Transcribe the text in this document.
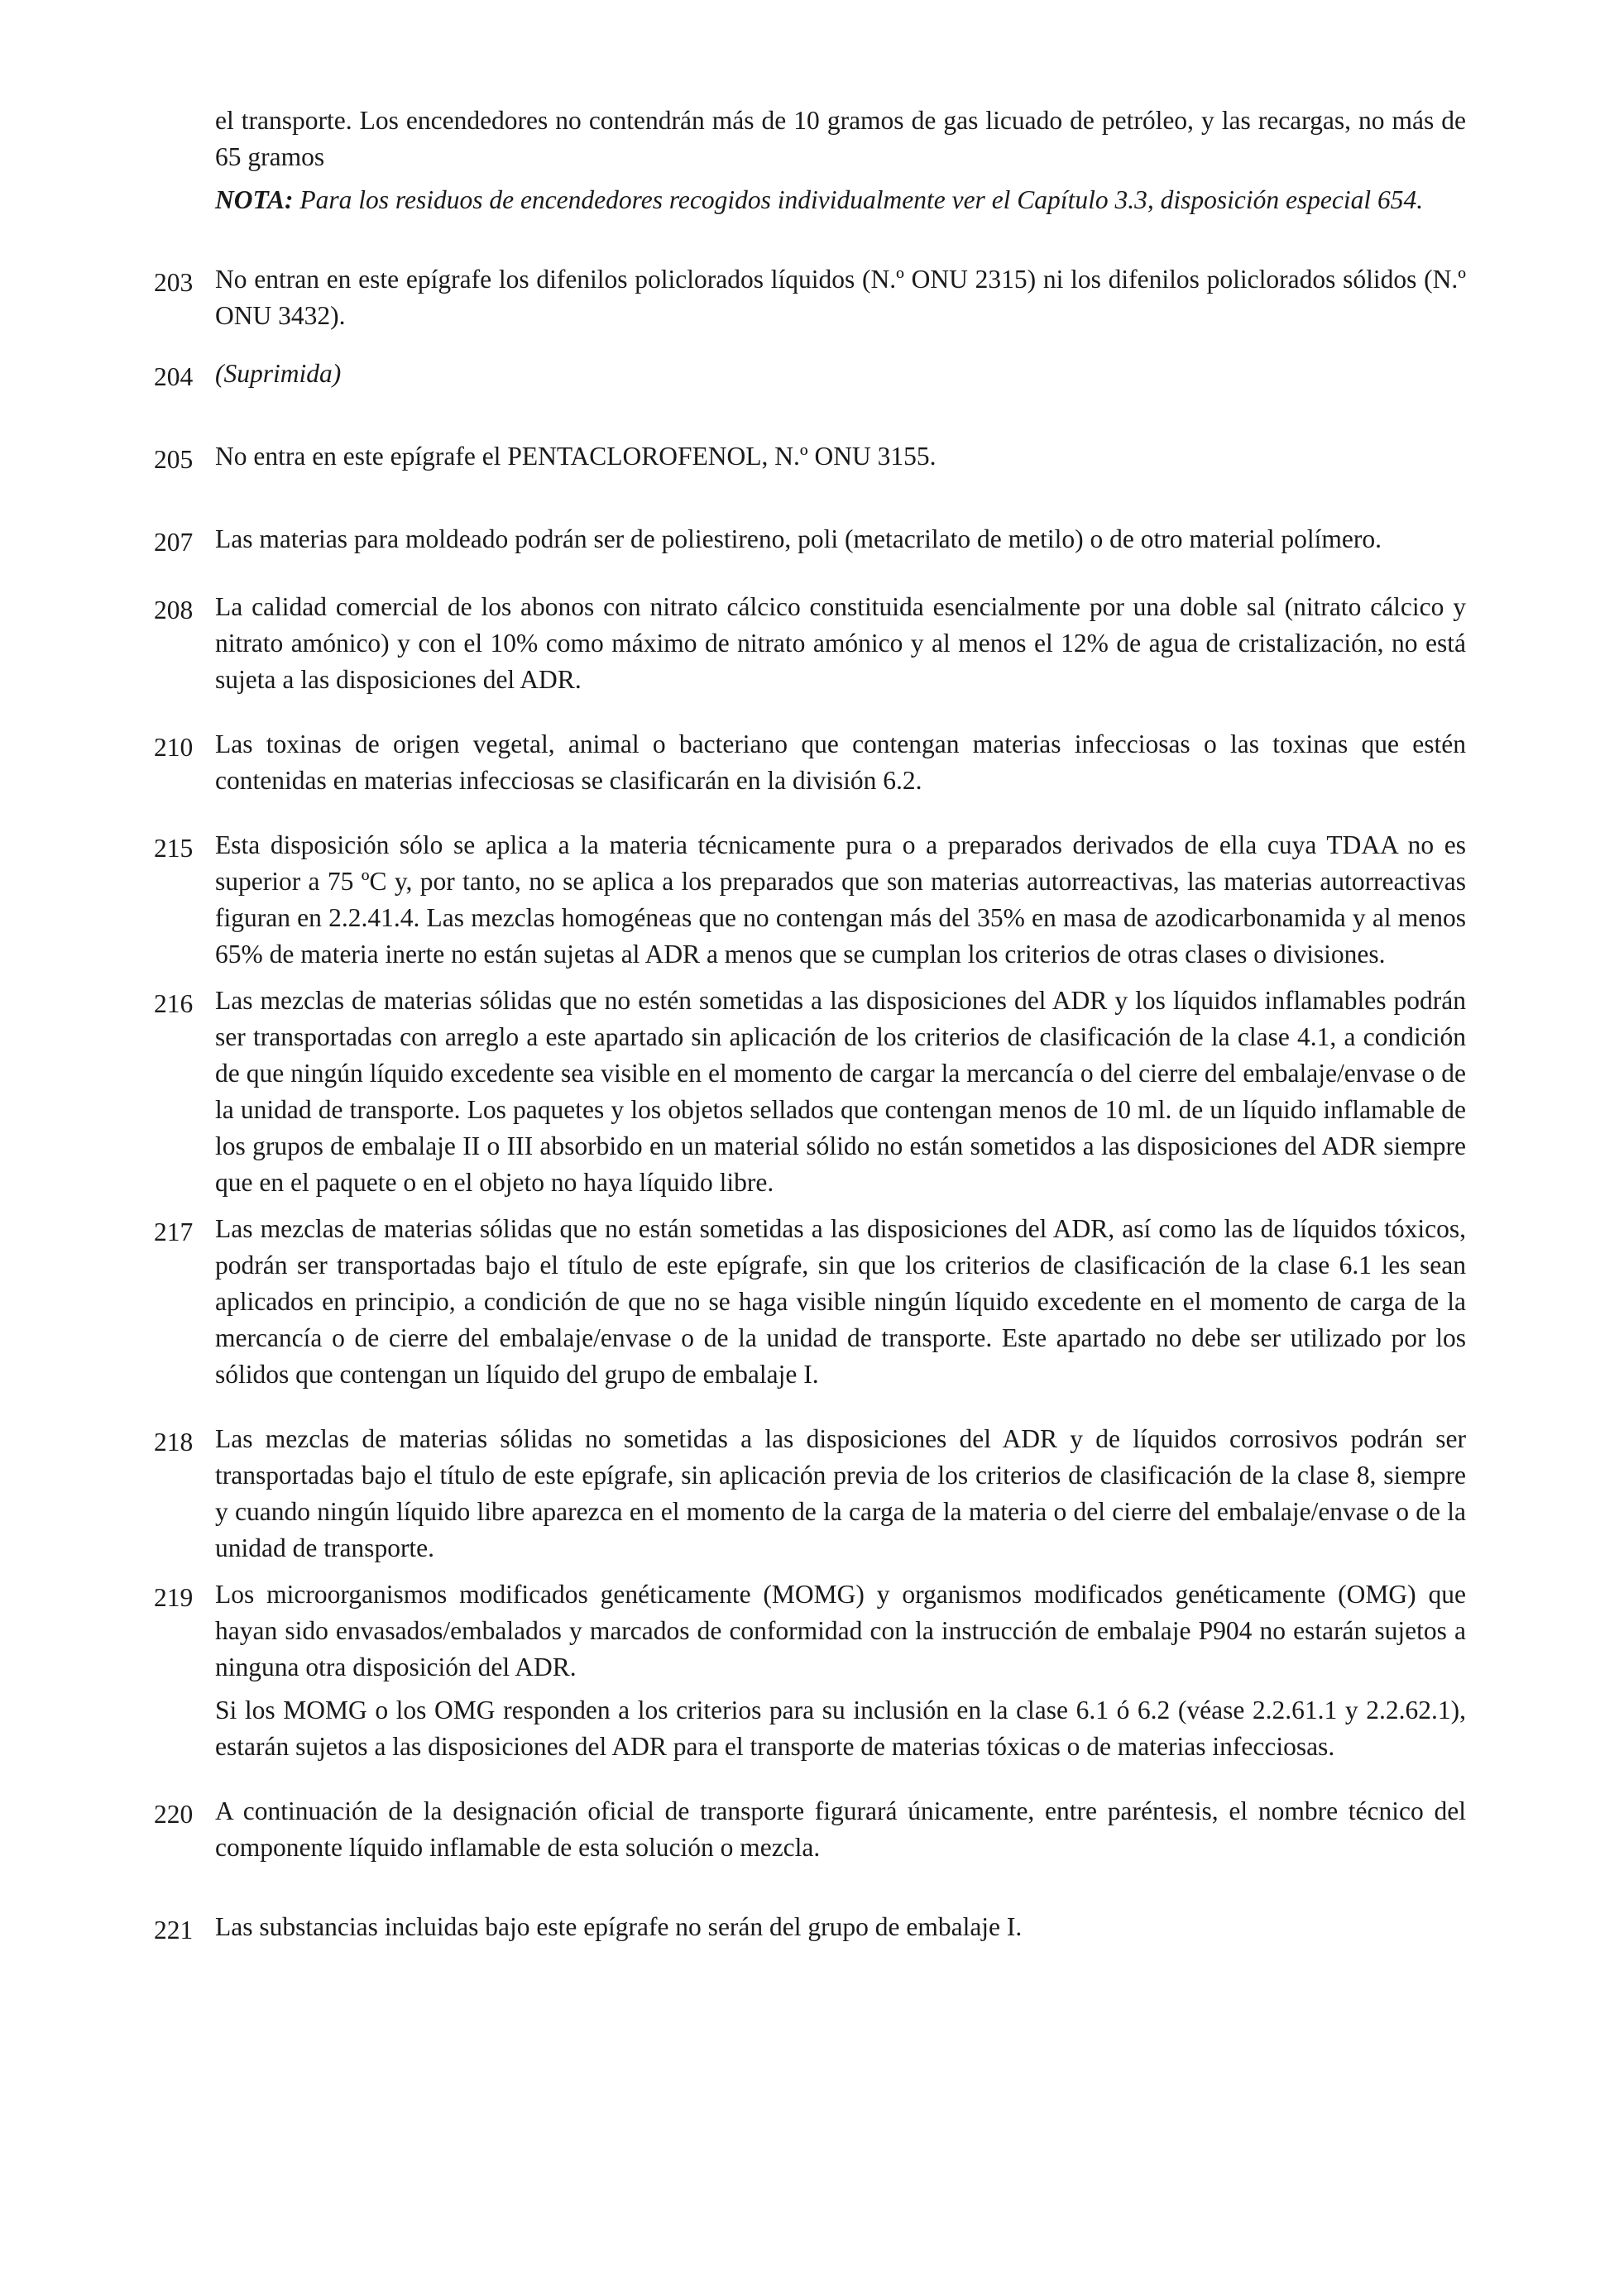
el transporte. Los encendedores no contendrán más de 10 gramos de gas licuado de petróleo, y las recargas, no más de 65 gramos

NOTA: Para los residuos de encendedores recogidos individualmente ver el Capítulo 3.3, disposición especial 654.

203 No entran en este epígrafe los difenilos policlorados líquidos (N.º ONU 2315) ni los difenilos policlorados sólidos (N.º ONU 3432).

204 (Suprimida)

205 No entra en este epígrafe el PENTACLOROFENOL, N.º ONU 3155.

207 Las materias para moldeado podrán ser de poliestireno, poli (metacrilato de metilo) o de otro material polímero.

208 La calidad comercial de los abonos con nitrato cálcico constituida esencialmente por una doble sal (nitrato cálcico y nitrato amónico) y con el 10% como máximo de nitrato amónico y al menos el 12% de agua de cristalización, no está sujeta a las disposiciones del ADR.

210 Las toxinas de origen vegetal, animal o bacteriano que contengan materias infecciosas o las toxinas que estén contenidas en materias infecciosas se clasificarán en la división 6.2.

215 Esta disposición sólo se aplica a la materia técnicamente pura o a preparados derivados de ella cuya TDAA no es superior a 75 ºC y, por tanto, no se aplica a los preparados que son materias autorreactivas, las materias autorreactivas figuran en 2.2.41.4. Las mezclas homogéneas que no contengan más del 35% en masa de azodicarbonamida y al menos 65% de materia inerte no están sujetas al ADR a menos que se cumplan los criterios de otras clases o divisiones.

216 Las mezclas de materias sólidas que no estén sometidas a las disposiciones del ADR y los líquidos inflamables podrán ser transportadas con arreglo a este apartado sin aplicación de los criterios de clasificación de la clase 4.1, a condición de que ningún líquido excedente sea visible en el momento de cargar la mercancía o del cierre del embalaje/envase o de la unidad de transporte. Los paquetes y los objetos sellados que contengan menos de 10 ml. de un líquido inflamable de los grupos de embalaje II o III absorbido en un material sólido no están sometidos a las disposiciones del ADR siempre que en el paquete o en el objeto no haya líquido libre.

217 Las mezclas de materias sólidas que no están sometidas a las disposiciones del ADR, así como las de líquidos tóxicos, podrán ser transportadas bajo el título de este epígrafe, sin que los criterios de clasificación de la clase 6.1 les sean aplicados en principio, a condición de que no se haga visible ningún líquido excedente en el momento de carga de la mercancía o de cierre del embalaje/envase o de la unidad de transporte. Este apartado no debe ser utilizado por los sólidos que contengan un líquido del grupo de embalaje I.

218 Las mezclas de materias sólidas no sometidas a las disposiciones del ADR y de líquidos corrosivos podrán ser transportadas bajo el título de este epígrafe, sin aplicación previa de los criterios de clasificación de la clase 8, siempre y cuando ningún líquido libre aparezca en el momento de la carga de la materia o del cierre del embalaje/envase o de la unidad de transporte.

219 Los microorganismos modificados genéticamente (MOMG) y organismos modificados genéticamente (OMG) que hayan sido envasados/embalados y marcados de conformidad con la instrucción de embalaje P904 no estarán sujetos a ninguna otra disposición del ADR.

Si los MOMG o los OMG responden a los criterios para su inclusión en la clase 6.1 ó 6.2 (véase 2.2.61.1 y 2.2.62.1), estarán sujetos a las disposiciones del ADR para el transporte de materias tóxicas o de materias infecciosas.

220 A continuación de la designación oficial de transporte figurará únicamente, entre paréntesis, el nombre técnico del componente líquido inflamable de esta solución o mezcla.

221 Las substancias incluidas bajo este epígrafe no serán del grupo de embalaje I.
